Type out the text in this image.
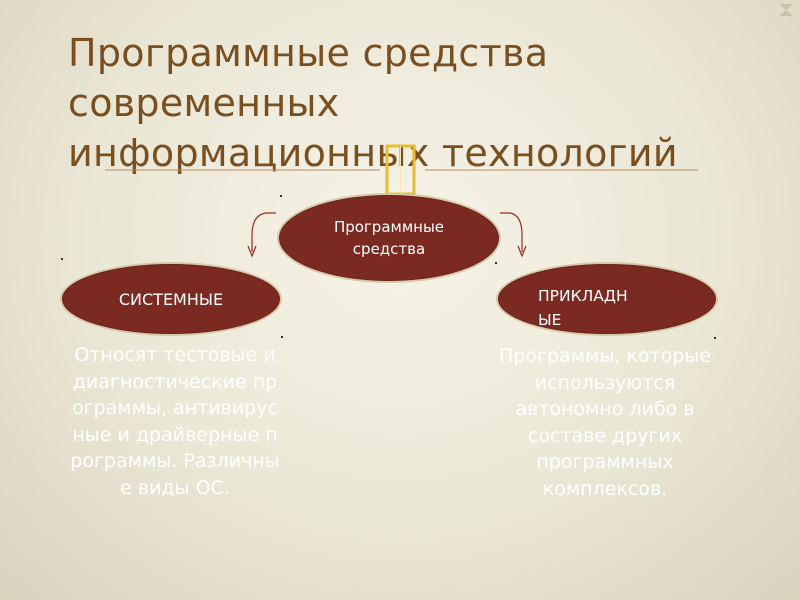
Программные средства
современных
информационных технологий
Программные
средства
СИСТЕМНЫЕ	ПРИКЛАДНЫЕ
Относят тестовые и диагностические программы, антивирусные и драйверные программы. Различные виды ОС.
Программы, которые используются автономно либо в составе других программных комплексов.
